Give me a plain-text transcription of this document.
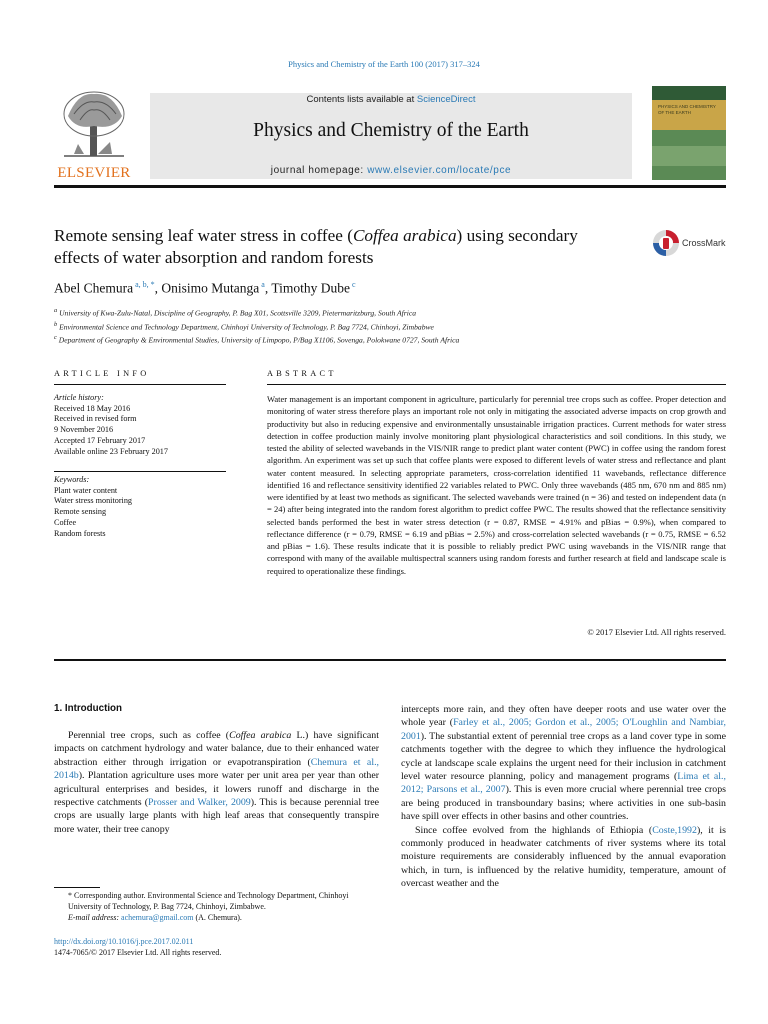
Physics and Chemistry of the Earth 100 (2017) 317–324
ELSEVIER
Contents lists available at ScienceDirect
Physics and Chemistry of the Earth
journal homepage: www.elsevier.com/locate/pce
PHYSICS AND CHEMISTRY OF THE EARTH
Remote sensing leaf water stress in coffee (Coffea arabica) using secondary effects of water absorption and random forests
CrossMark
Abel Chemura $^{a, b, *}$, Onisimo Mutanga $^a$, Timothy Dube $^c$
$^a$ University of Kwa-Zulu-Natal, Discipline of Geography, P. Bag X01, Scottsville 3209, Pietermaritzburg, South Africa
$^b$ Environmental Science and Technology Department, Chinhoyi University of Technology, P. Bag 7724, Chinhoyi, Zimbabwe
$^c$ Department of Geography & Environmental Studies, University of Limpopo, P/Bag X1106, Sovenga, Polokwane 0727, South Africa
ARTICLE INFO	ABSTRACT
Article history:
Received 18 May 2016
Received in revised form
9 November 2016
Accepted 17 February 2017
Available online 23 February 2017
Keywords:
Plant water content
Water stress monitoring
Remote sensing
Coffee
Random forests
Water management is an important component in agriculture, particularly for perennial tree crops such as coffee. Proper detection and monitoring of water stress therefore plays an important role not only in mitigating the associated adverse impacts on crop growth and productivity but also in reducing expensive and environmentally unsustainable irrigation practices. Current methods for water stress detection in coffee production mainly involve monitoring plant physiological characteristics and soil conditions. In this study, we tested the ability of selected wavebands in the VIS/NIR range to predict plant water content (PWC) in coffee using the random forest algorithm. An experiment was set up such that coffee plants were exposed to different levels of water stress and reflectance and plant water content measured. In selecting appropriate parameters, cross-correlation identified 11 wavebands, reflectance difference identified 16 and reflectance sensitivity identified 22 variables related to PWC. Only three wavebands (485 nm, 670 nm and 885 nm) were identified by at least two methods as significant. The selected wavebands were trained (n = 36) and tested on independent data (n = 24) after being integrated into the random forest algorithm to predict coffee PWC. The results showed that the reflectance sensitivity selected bands performed the best in water stress detection (r = 0.87, RMSE = 4.91% and pBias = 0.9%), when compared to reflectance difference (r = 0.79, RMSE = 6.19 and pBias = 2.5%) and cross-correlation selected wavebands (r = 0.75, RMSE = 6.52 and pBias = 1.6). These results indicate that it is possible to reliably predict PWC using wavebands in the VIS/NIR range that correspond with many of the available multispectral scanners using random forests and further research at field and landscape scale is required to operationalize these findings.
© 2017 Elsevier Ltd. All rights reserved.
1. Introduction

Perennial tree crops, such as coffee (Coffea arabica L.) have significant impacts on catchment hydrology and water balance, due to their enhanced water abstraction either through irrigation or evapotranspiration (Chemura et al., 2014b). Plantation agriculture uses more water per unit area per year than other agricultural enterprises and besides, it lowers runoff and discharge in the respective catchments (Prosser and Walker, 2009). This is because perennial tree crops are usually large plants with high leaf areas that consequently transpire more water, their tree canopy

intercepts more rain, and they often have deeper roots and use water over the whole year (Farley et al., 2005; Gordon et al., 2005; O'Loughlin and Nambiar, 2001). The substantial extent of perennial tree crops as a land cover type in some catchments together with the degree to which they influence the hydrological cycle at landscape scale explains the urgent need for their inclusion in catchment level water resource planning, policy and management programs (Lima et al., 2012; Parsons et al., 2007). This is even more crucial where perennial tree crops are being produced in transboundary basins; where activities in one sub-basin have spill over effects in other basins and other countries.

Since coffee evolved from the highlands of Ethiopia (Coste,1992), it is commonly produced in headwater catchments of river systems where its total moisture requirements are considerably influenced by the annual evaporation which, in turn, is influenced by the relative humidity, temperature, amount of overcast weather and the

* Corresponding author. Environmental Science and Technology Department, Chinhoyi University of Technology, P. Bag 7724, Chinhoyi, Zimbabwe.
E-mail address: achemura@gmail.com (A. Chemura).
http://dx.doi.org/10.1016/j.pce.2017.02.011
1474-7065/© 2017 Elsevier Ltd. All rights reserved.
